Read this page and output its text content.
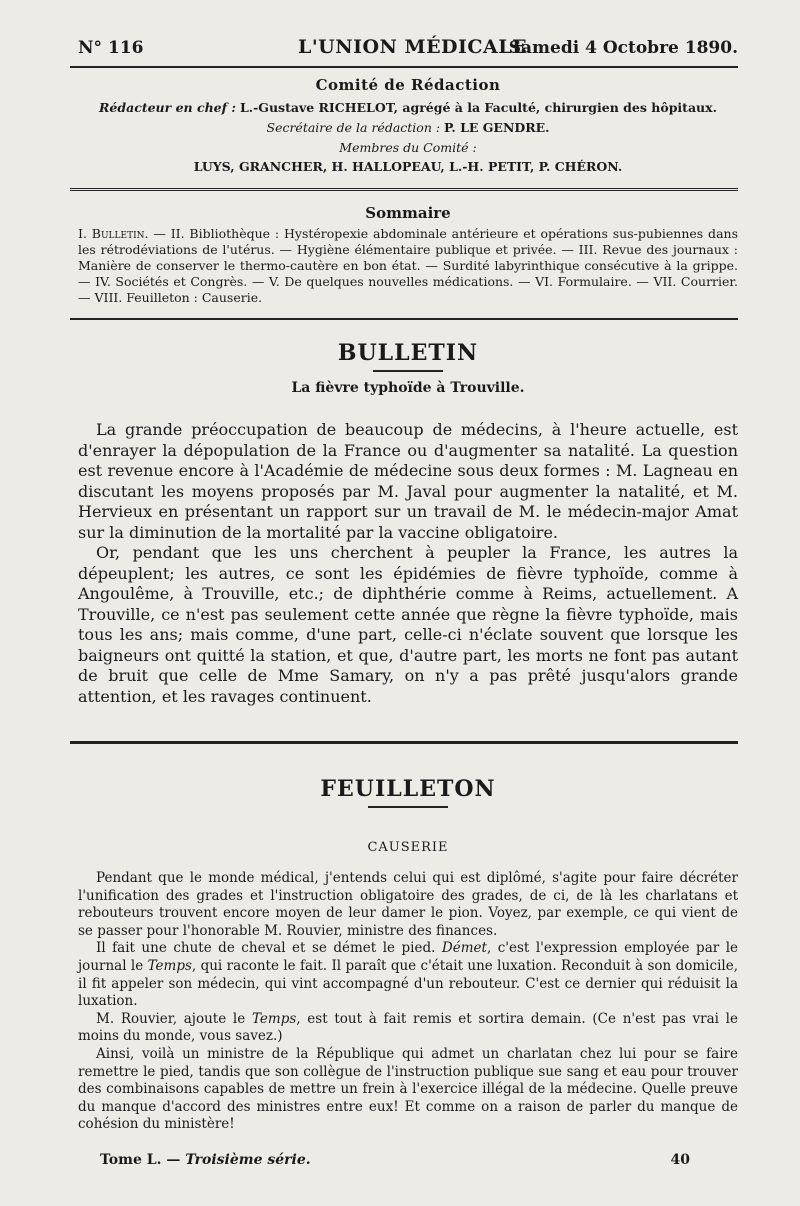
N° 116	L'UNION MÉDICALE
Samedi 4 Octobre 1890.
Comité de Rédaction
Rédacteur en chef : L.-Gustave RICHELOT, agrégé à la Faculté, chirurgien des hôpitaux.
Secrétaire de la rédaction : P. LE GENDRE.
Membres du Comité :
LUYS, GRANCHER, H. HALLOPEAU, L.-H. PETIT, P. CHÉRON.
Sommaire
I. Bulletin. — II. Bibliothèque : Hystéropexie abdominale antérieure et opérations sus-pubiennes dans les rétrodéviations de l'utérus. — Hygiène élémentaire publique et privée. — III. Revue des journaux : Manière de conserver le thermo-cautère en bon état. — Surdité labyrinthique consécutive à la grippe. — IV. Sociétés et Congrès. — V. De quelques nouvelles médications. — VI. Formulaire. — VII. Courrier. — VIII. Feuilleton : Causerie.
BULLETIN
La fièvre typhoïde à Trouville.

La grande préoccupation de beaucoup de médecins, à l'heure actuelle, est d'enrayer la dépopulation de la France ou d'augmenter sa natalité. La question est revenue encore à l'Académie de médecine sous deux formes : M. Lagneau en discutant les moyens proposés par M. Javal pour augmenter la natalité, et M. Hervieux en présentant un rapport sur un travail de M. le médecin-major Amat sur la diminution de la mortalité par la vaccine obligatoire.

Or, pendant que les uns cherchent à peupler la France, les autres la dépeuplent; les autres, ce sont les épidémies de fièvre typhoïde, comme à Angoulême, à Trouville, etc.; de diphthérie comme à Reims, actuellement. A Trouville, ce n'est pas seulement cette année que règne la fièvre typhoïde, mais tous les ans; mais comme, d'une part, celle-ci n'éclate souvent que lorsque les baigneurs ont quitté la station, et que, d'autre part, les morts ne font pas autant de bruit que celle de Mme Samary, on n'y a pas prêté jusqu'alors grande attention, et les ravages continuent.

FEUILLETON
CAUSERIE

Pendant que le monde médical, j'entends celui qui est diplômé, s'agite pour faire décréter l'unification des grades et l'instruction obligatoire des grades, de ci, de là les charlatans et rebouteurs trouvent encore moyen de leur damer le pion. Voyez, par exemple, ce qui vient de se passer pour l'honorable M. Rouvier, ministre des finances.

Il fait une chute de cheval et se démet le pied. Démet, c'est l'expression employée par le journal le Temps, qui raconte le fait. Il paraît que c'était une luxation. Reconduit à son domicile, il fit appeler son médecin, qui vint accompagné d'un rebouteur. C'est ce dernier qui réduisit la luxation.

M. Rouvier, ajoute le Temps, est tout à fait remis et sortira demain. (Ce n'est pas vrai le moins du monde, vous savez.)

Ainsi, voilà un ministre de la République qui admet un charlatan chez lui pour se faire remettre le pied, tandis que son collègue de l'instruction publique sue sang et eau pour trouver des combinaisons capables de mettre un frein à l'exercice illégal de la médecine. Quelle preuve du manque d'accord des ministres entre eux! Et comme on a raison de parler du manque de cohésion du ministère!

Tome L. — Troisième série.	40
